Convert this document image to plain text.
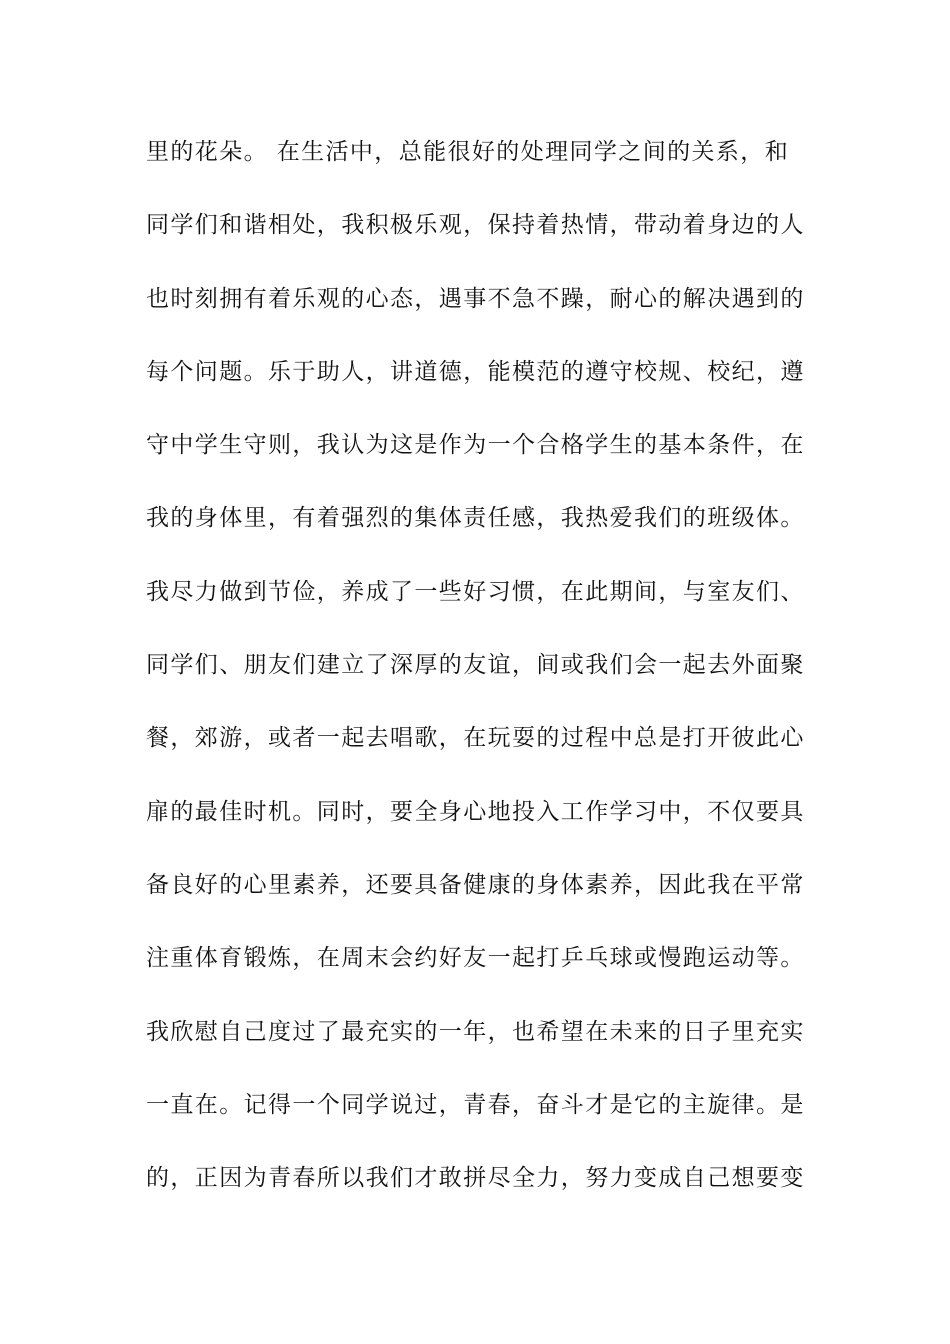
里的花朵。 在生活中，总能很好的处理同学之间的关系，和
同学们和谐相处，我积极乐观，保持着热情，带动着身边的人
也时刻拥有着乐观的心态，遇事不急不躁，耐心的解决遇到的
每个问题。乐于助人，讲道德，能模范的遵守校规、校纪，遵
守中学生守则，我认为这是作为一个合格学生的基本条件，在
我的身体里，有着强烈的集体责任感，我热爱我们的班级体。
我尽力做到节俭，养成了一些好习惯，在此期间，与室友们、
同学们、朋友们建立了深厚的友谊，间或我们会一起去外面聚
餐，郊游，或者一起去唱歌，在玩耍的过程中总是打开彼此心
扉的最佳时机。同时，要全身心地投入工作学习中，不仅要具
备良好的心里素养，还要具备健康的身体素养，因此我在平常
注重体育锻炼，在周末会约好友一起打乒乓球或慢跑运动等。
我欣慰自己度过了最充实的一年，也希望在未来的日子里充实
一直在。记得一个同学说过，青春，奋斗才是它的主旋律。是
的，正因为青春所以我们才敢拼尽全力，努力变成自己想要变
